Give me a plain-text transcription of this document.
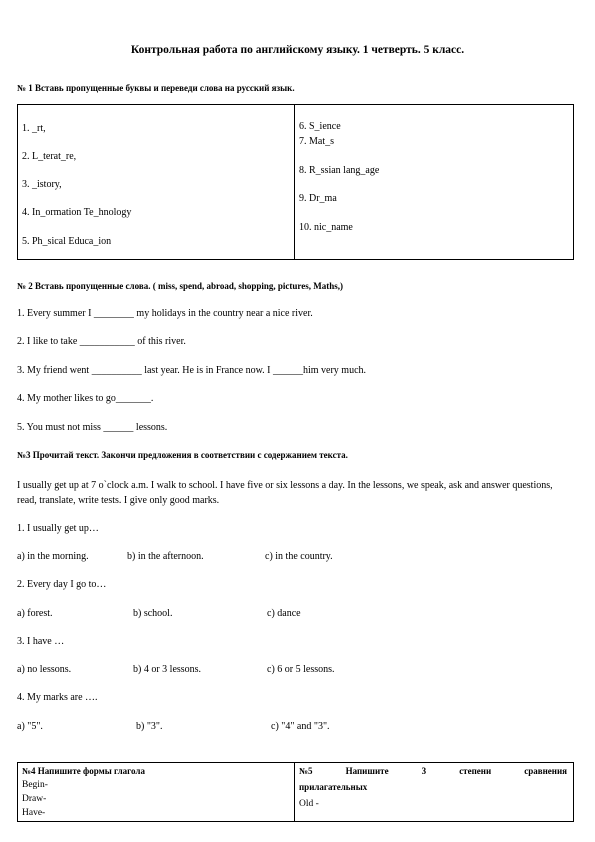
Контрольная работа по английскому языку. 1 четверть. 5 класс.
№ 1 Вставь пропущенные буквы и переведи слова на русский язык.
1. _rt,
2. L_terat_re,
3. _istory,
4. In_ormation Te_hnology
5. Ph_sical Educa_ion
6. S_ience
7. Mat_s
8. R_ssian lang_age
9. Dr_ma
10. nic_name
№ 2 Вставь пропущенные слова. ( miss, spend, abroad, shopping, pictures, Maths,)
1. Every summer I ________ my holidays in the country near a nice river.
2. I like to take ___________ of this river.
3. My friend went __________ last year. He is in France now. I ______him very much.
4. My mother likes to go_______.
5. You must not miss ______ lessons.
№3 Прочитай текст. Закончи предложения в соответствии с содержанием текста.
I usually get up at 7 o`clock a.m. I walk to school. I have five or six lessons a day. In the lessons, we speak, ask and answer questions, read, translate, write tests. I give only good marks.
1. I usually get up…
a) in the morning.	b) in the afternoon.	c) in the country.
2. Every day I go to…
a) forest.	b) school.	c) dance
3. I have …
a) no lessons.	b) 4 or 3 lessons.	c) 6 or 5 lessons.
4. My marks are ….
a) "5".	b) "3".	c) "4" and "3".
№4 Напишите формы глагола
Begin-
Draw-
Have-
№5	Напишите	3	степени	сравнения
прилагательных
Old -
